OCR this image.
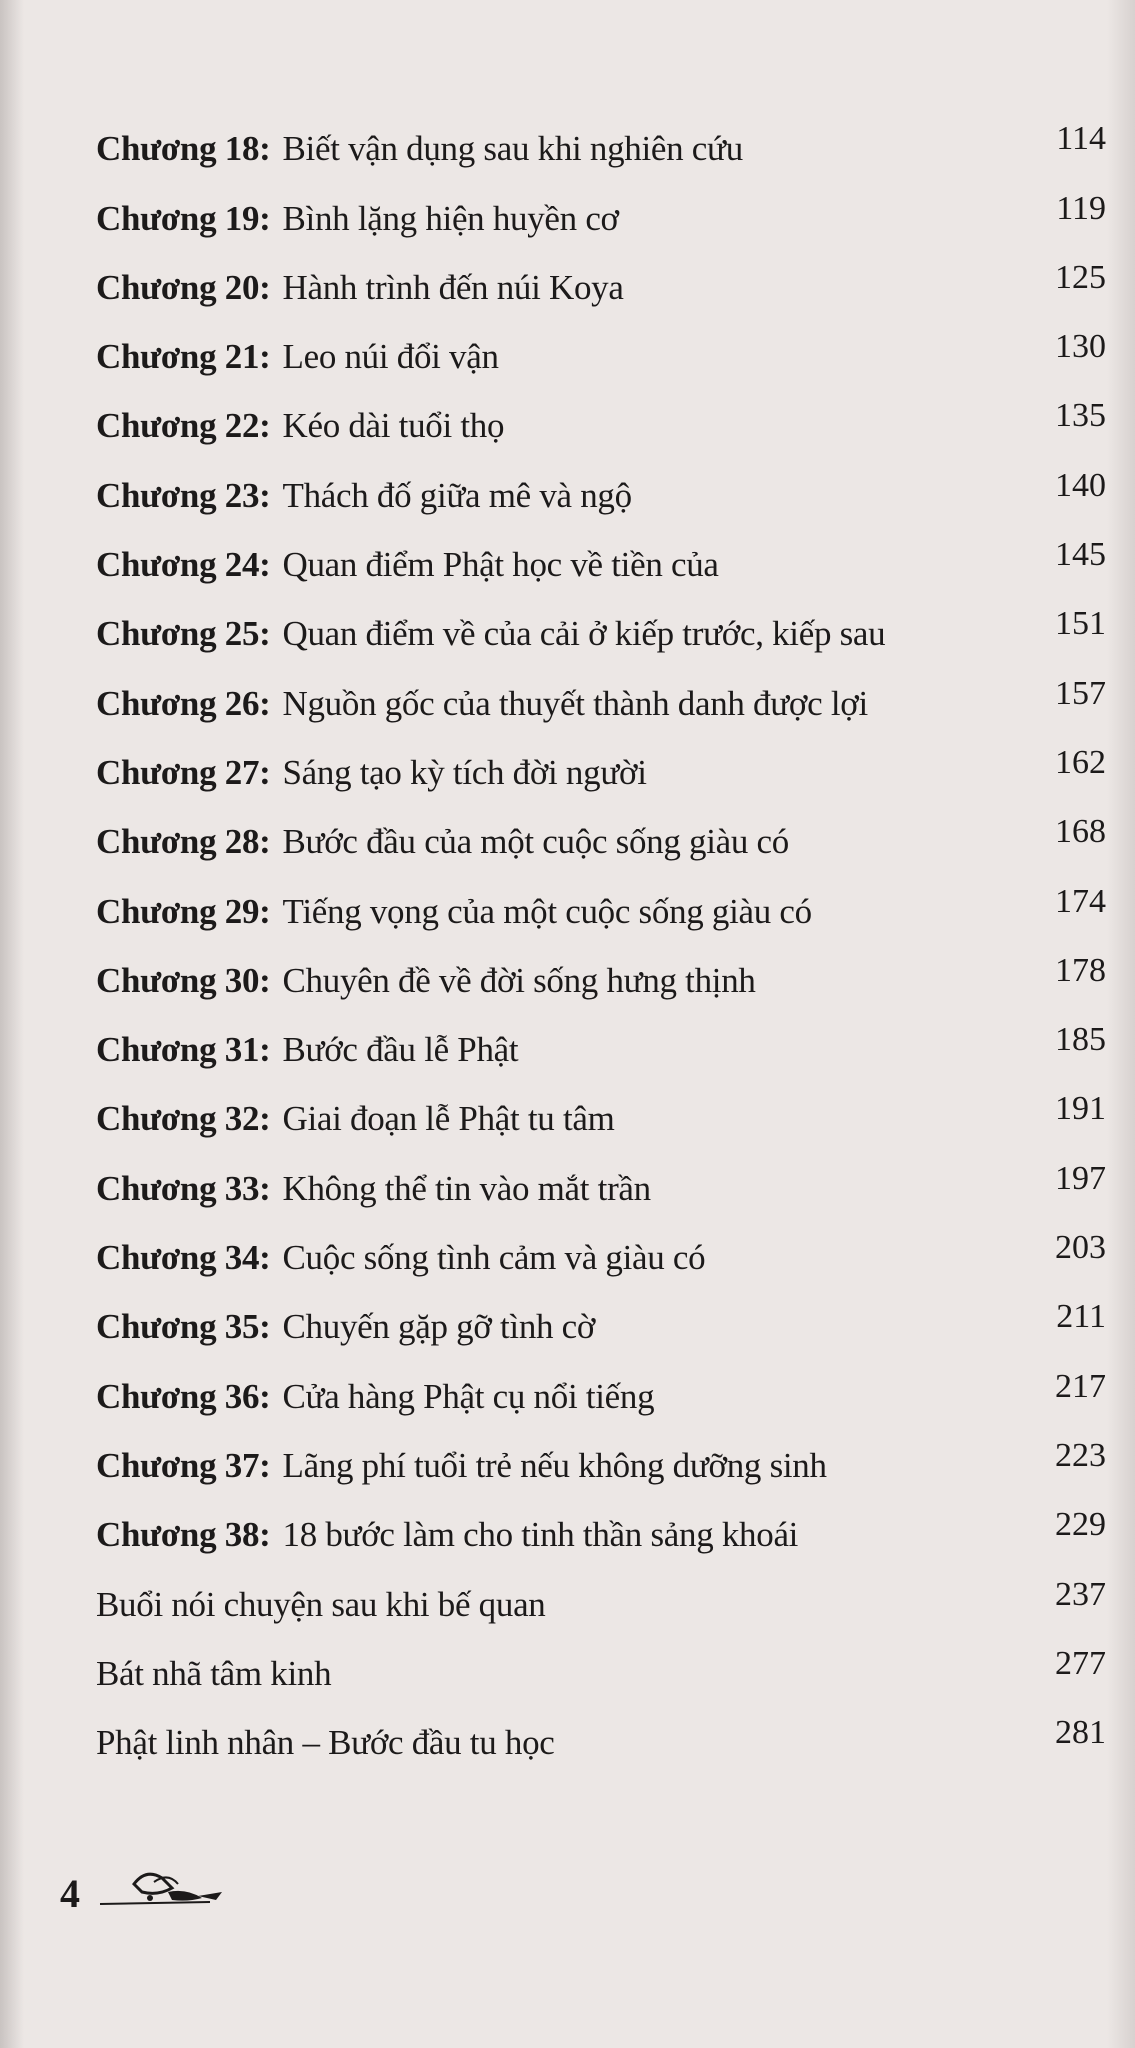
Chương 18: Biết vận dụng sau khi nghiên cứu	114
Chương 19: Bình lặng hiện huyền cơ	119
Chương 20: Hành trình đến núi Koya	125
Chương 21: Leo núi đổi vận	130
Chương 22: Kéo dài tuổi thọ	135
Chương 23: Thách đố giữa mê và ngộ	140
Chương 24: Quan điểm Phật học về tiền của	145
Chương 25: Quan điểm về của cải ở kiếp trước, kiếp sau	151
Chương 26: Nguồn gốc của thuyết thành danh được lợi	157
Chương 27: Sáng tạo kỳ tích đời người	162
Chương 28: Bước đầu của một cuộc sống giàu có	168
Chương 29: Tiếng vọng của một cuộc sống giàu có	174
Chương 30: Chuyên đề về đời sống hưng thịnh	178
Chương 31: Bước đầu lễ Phật	185
Chương 32: Giai đoạn lễ Phật tu tâm	191
Chương 33: Không thể tin vào mắt trần	197
Chương 34: Cuộc sống tình cảm và giàu có	203
Chương 35: Chuyến gặp gỡ tình cờ	211
Chương 36: Cửa hàng Phật cụ nổi tiếng	217
Chương 37: Lãng phí tuổi trẻ nếu không dưỡng sinh	223
Chương 38: 18 bước làm cho tinh thần sảng khoái	229
Buổi nói chuyện sau khi bế quan	237
Bát nhã tâm kinh	277
Phật linh nhân – Bước đầu tu học	281
4
